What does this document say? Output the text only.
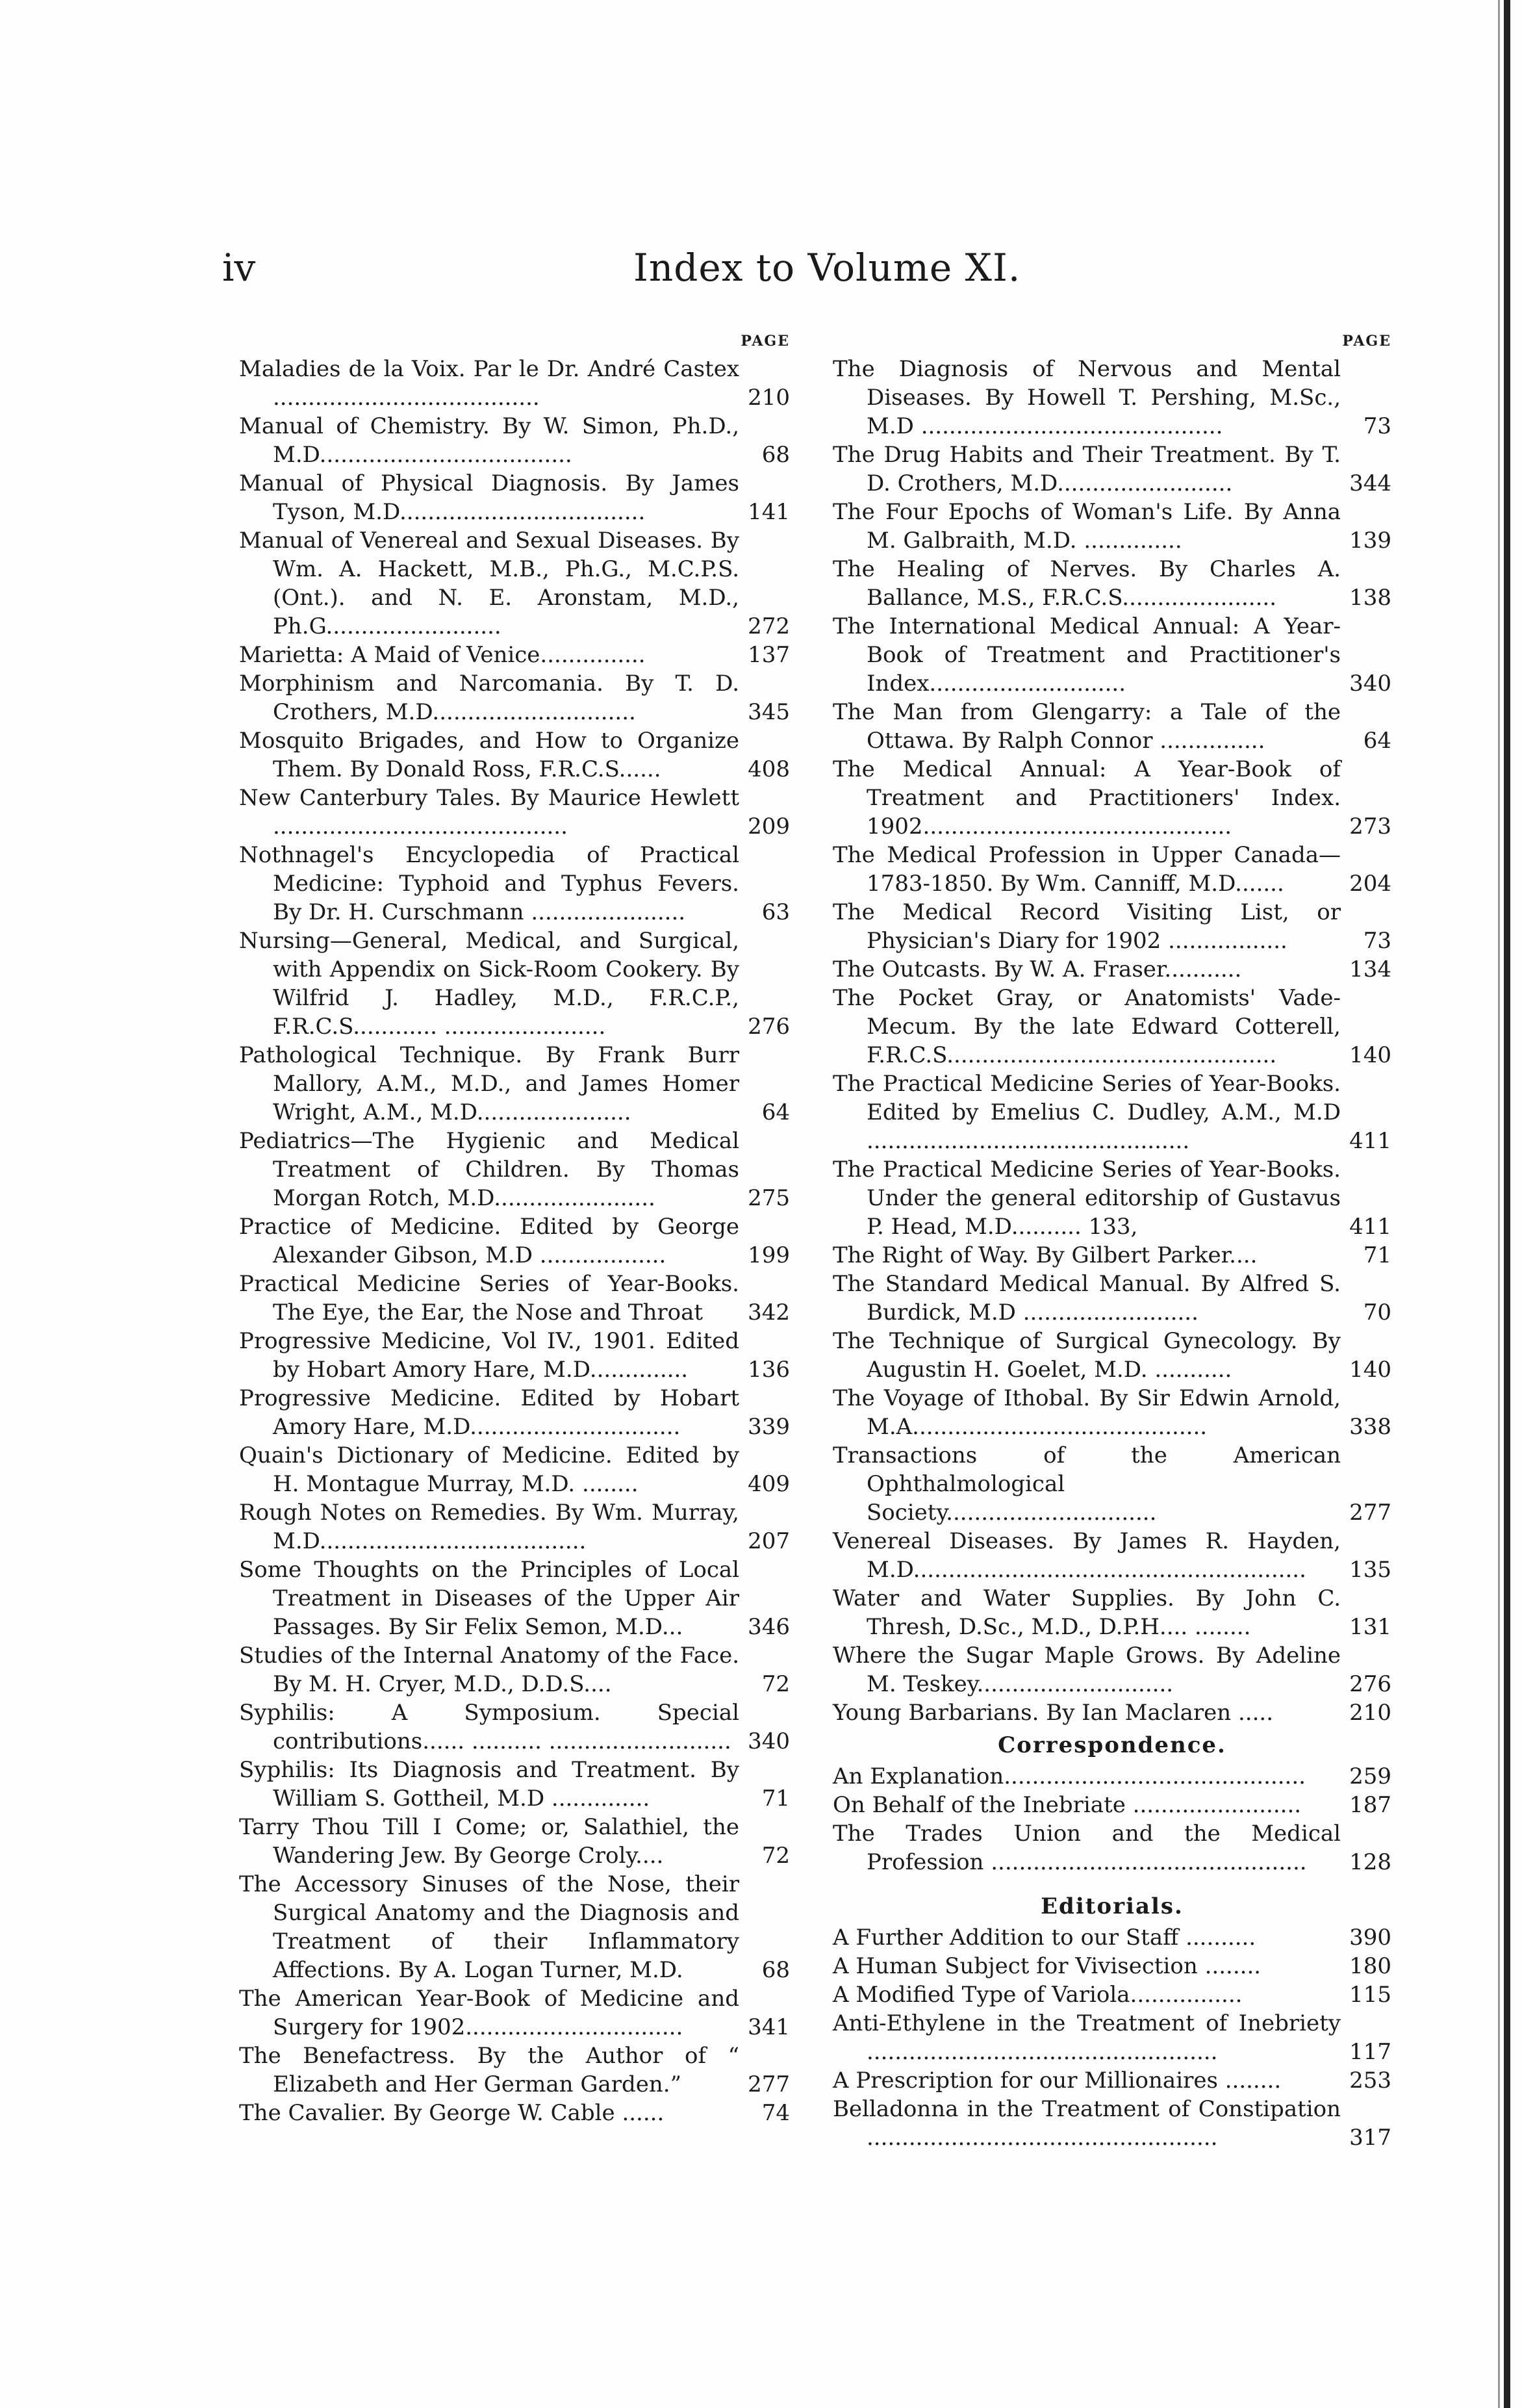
iv	Index to Volume XI.
PAGE
Maladies de la Voix. Par le Dr. André Castex ......................................	210
Manual of Chemistry. By W. Simon, Ph.D., M.D....................................	68
Manual of Physical Diagnosis. By James Tyson, M.D...................................	141
Manual of Venereal and Sexual Diseases. By Wm. A. Hackett, M.B., Ph.G., M.C.P.S. (Ont.). and N. E. Aronstam, M.D., Ph.G.........................	272
Marietta: A Maid of Venice...............	137
Morphinism and Narcomania. By T. D. Crothers, M.D.............................	345
Mosquito Brigades, and How to Organize Them. By Donald Ross, F.R.C.S......	408
New Canterbury Tales. By Maurice Hewlett ..........................................	209
Nothnagel's Encyclopedia of Practical Medicine: Typhoid and Typhus Fevers. By Dr. H. Curschmann ......................	63
Nursing—General, Medical, and Surgical, with Appendix on Sick-Room Cookery. By Wilfrid J. Hadley, M.D., F.R.C.P., F.R.C.S............ .......................	276
Pathological Technique. By Frank Burr Mallory, A.M., M.D., and James Homer Wright, A.M., M.D......................	64
Pediatrics—The Hygienic and Medical Treatment of Children. By Thomas Morgan Rotch, M.D.......................	275
Practice of Medicine. Edited by George Alexander Gibson, M.D ..................	199
Practical Medicine Series of Year-Books. The Eye, the Ear, the Nose and Throat 342
Progressive Medicine, Vol IV., 1901. Edited by Hobart Amory Hare, M.D..............	136
Progressive Medicine. Edited by Hobart Amory Hare, M.D..............................	339
Quain's Dictionary of Medicine. Edited by H. Montague Murray, M.D. ........	409
Rough Notes on Remedies. By Wm. Murray, M.D......................................	207
Some Thoughts on the Principles of Local Treatment in Diseases of the Upper Air Passages. By Sir Felix Semon, M.D...	346
Studies of the Internal Anatomy of the Face. By M. H. Cryer, M.D., D.D.S....	72
Syphilis: A Symposium. Special contributions...... .......... .......................... 340
Syphilis: Its Diagnosis and Treatment. By William S. Gottheil, M.D ..............	71
Tarry Thou Till I Come; or, Salathiel, the Wandering Jew. By George Croly....	72
The Accessory Sinuses of the Nose, their Surgical Anatomy and the Diagnosis and Treatment of their Inflammatory Affections. By A. Logan Turner, M.D.	68
The American Year-Book of Medicine and Surgery for 1902...............................	341
The Benefactress. By the Author of “ Elizabeth and Her German Garden.”	277
The Cavalier. By George W. Cable ......	74
PAGE
The Diagnosis of Nervous and Mental Diseases. By Howell T. Pershing, M.Sc., M.D ...........................................	73
The Drug Habits and Their Treatment. By T. D. Crothers, M.D.........................	344
The Four Epochs of Woman's Life. By Anna M. Galbraith, M.D. ..............	139
The Healing of Nerves. By Charles A. Ballance, M.S., F.R.C.S......................	138
The International Medical Annual: A Year-Book of Treatment and Practitioner's Index............................	340
The Man from Glengarry: a Tale of the Ottawa. By Ralph Connor ...............	64
The Medical Annual: A Year-Book of Treatment and Practitioners' Index. 1902............................................	273
The Medical Profession in Upper Canada—1783-1850. By Wm. Canniff, M.D.......	204
The Medical Record Visiting List, or Physician's Diary for 1902 .................	73
The Outcasts. By W. A. Fraser...........	134
The Pocket Gray, or Anatomists' Vade-Mecum. By the late Edward Cotterell, F.R.C.S...............................................	140
The Practical Medicine Series of Year-Books. Edited by Emelius C. Dudley, A.M., M.D ..............................................	411
The Practical Medicine Series of Year-Books. Under the general editorship of Gustavus P. Head, M.D.......... 133,	411
The Right of Way. By Gilbert Parker....	71
The Standard Medical Manual. By Alfred S. Burdick, M.D .........................	70
The Technique of Surgical Gynecology. By Augustin H. Goelet, M.D. ...........	140
The Voyage of Ithobal. By Sir Edwin Arnold, M.A..........................................	338
Transactions of the American Ophthalmological Society..............................	277
Venereal Diseases. By James R. Hayden, M.D........................................................ 135
Water and Water Supplies. By John C. Thresh, D.Sc., M.D., D.P.H.... ........	131
Where the Sugar Maple Grows. By Adeline M. Teskey............................	276
Young Barbarians. By Ian Maclaren .....	210
Correspondence.
An Explanation........................................... 259
On Behalf of the Inebriate ........................ 187
The Trades Union and the Medical Profession ............................................. 128
Editorials.
A Further Addition to our Staff ..........	390
A Human Subject for Vivisection ........	180
A Modified Type of Variola................	115
Anti-Ethylene in the Treatment of Inebriety ..................................................	117
A Prescription for our Millionaires ........	253
Belladonna in the Treatment of Constipation ..................................................	317
